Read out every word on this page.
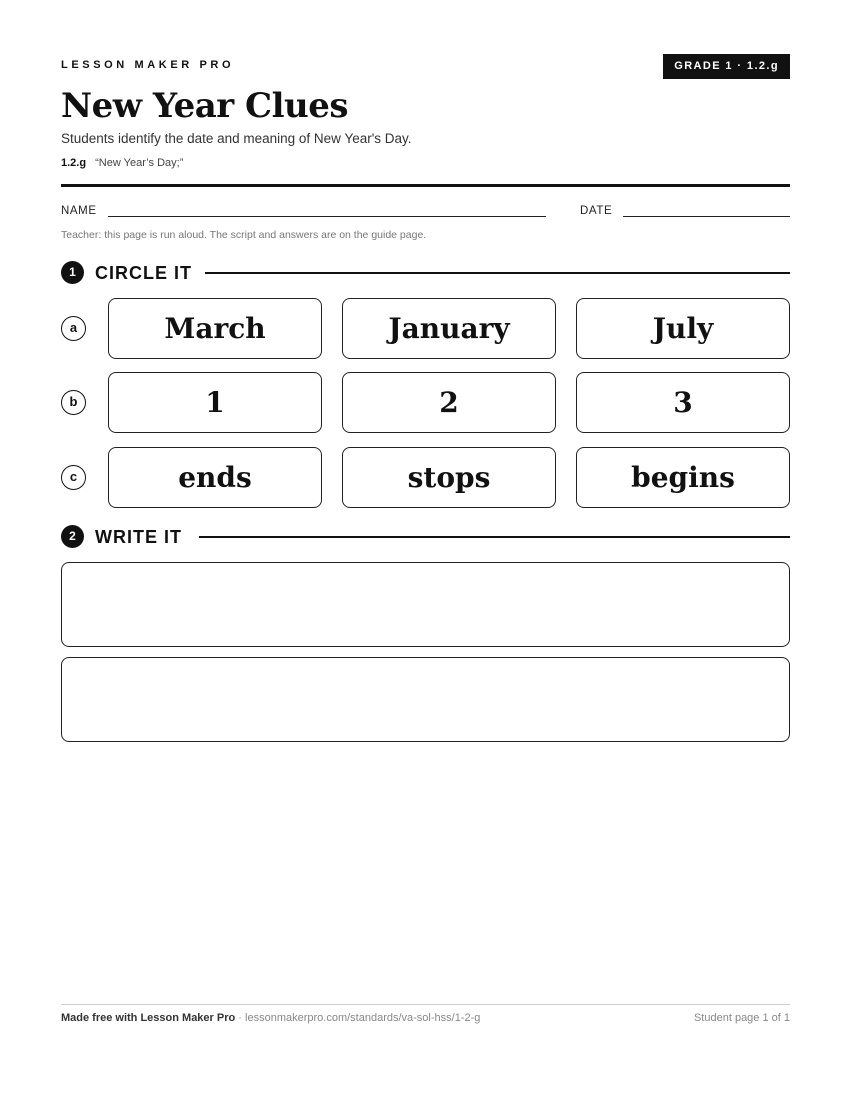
LESSON MAKER PRO	GRADE 1 · 1.2.g
New Year Clues
Students identify the date and meaning of New Year's Day.
1.2.g “New Year’s Day;”
NAME	DATE
Teacher: this page is run aloud. The script and answers are on the guide page.
1	CIRCLE IT
a	March	January	July
b	1	2	3
c	ends	stops	begins
2	WRITE IT
Made free with Lesson Maker Pro · lessonmakerpro.com/standards/va-sol-hss/1-2-g	Student page 1 of 1
